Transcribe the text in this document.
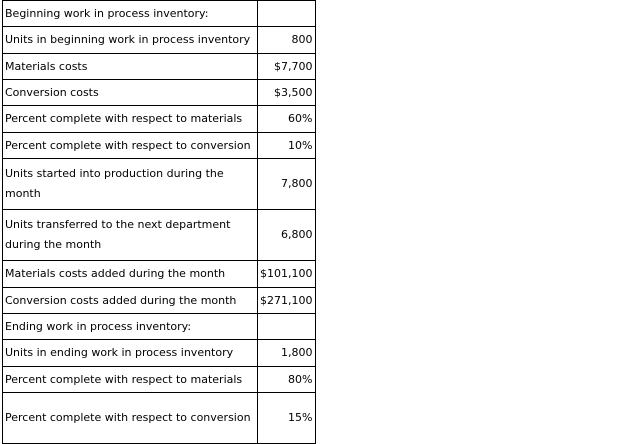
Beginning work in process inventory:	
Units in beginning work in process inventory	800
Materials costs	$7,700
Conversion costs	$3,500
Percent complete with respect to materials	60%
Percent complete with respect to conversion	10%
Units started into production during the month	7,800
Units transferred to the next department during the month	6,800
Materials costs added during the month	$101,100
Conversion costs added during the month	$271,100
Ending work in process inventory:	
Units in ending work in process inventory	1,800
Percent complete with respect to materials	80%
Percent complete with respect to conversion	15%
